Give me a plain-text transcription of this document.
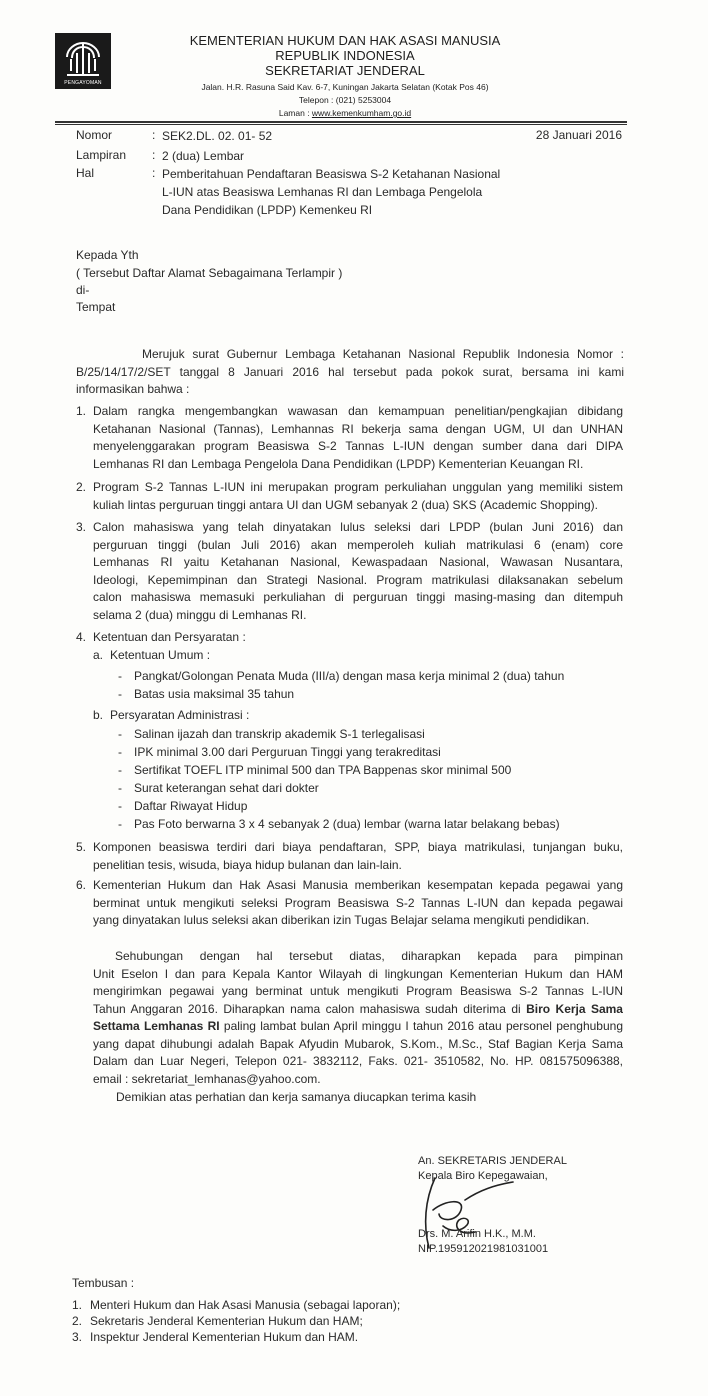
PENGAYOMAN
KEMENTERIAN HUKUM DAN HAK ASASI MANUSIA
REPUBLIK INDONESIA
SEKRETARIAT JENDERAL
Jalan. H.R. Rasuna Said Kav. 6-7, Kuningan Jakarta Selatan (Kotak Pos 46)
Telepon : (021) 5253004
Laman : www.kemenkumham.go.id
Nomor	: SEK2.DL. 02. 01- 52	28 Januari 2016
Lampiran : 2 (dua) Lembar
Hal	: Pemberitahuan Pendaftaran Beasiswa S-2 Ketahanan Nasional
L-IUN atas Beasiswa Lemhanas RI dan Lembaga Pengelola
Dana Pendidikan (LPDP) Kemenkeu RI
Kepada Yth
( Tersebut Daftar Alamat Sebagaimana Terlampir )
di-
Tempat
Merujuk surat Gubernur Lembaga Ketahanan Nasional Republik Indonesia Nomor :
B/25/14/17/2/SET tanggal 8 Januari 2016 hal tersebut pada pokok surat, bersama ini kami
informasikan bahwa :
1. Dalam rangka mengembangkan wawasan dan kemampuan penelitian/pengkajian dibidang
Ketahanan Nasional (Tannas), Lemhannas RI bekerja sama dengan UGM, UI dan UNHAN
menyelenggarakan program Beasiswa S-2 Tannas L-IUN dengan sumber dana dari DIPA
Lemhanas RI dan Lembaga Pengelola Dana Pendidikan (LPDP) Kementerian Keuangan RI.
2. Program S-2 Tannas L-IUN ini merupakan program perkuliahan unggulan yang memiliki sistem
kuliah lintas perguruan tinggi antara UI dan UGM sebanyak 2 (dua) SKS (Academic Shopping).
3. Calon mahasiswa yang telah dinyatakan lulus seleksi dari LPDP (bulan Juni 2016) dan
perguruan tinggi (bulan Juli 2016) akan memperoleh kuliah matrikulasi 6 (enam) core
Lemhanas RI yaitu Ketahanan Nasional, Kewaspadaan Nasional, Wawasan Nusantara,
Ideologi, Kepemimpinan dan Strategi Nasional. Program matrikulasi dilaksanakan sebelum
calon mahasiswa memasuki perkuliahan di perguruan tinggi masing-masing dan ditempuh
selama 2 (dua) minggu di Lemhanas RI.
4. Ketentuan dan Persyaratan :
a. Ketentuan Umum :
- Pangkat/Golongan Penata Muda (III/a) dengan masa kerja minimal 2 (dua) tahun
- Batas usia maksimal 35 tahun
b. Persyaratan Administrasi :
- Salinan ijazah dan transkrip akademik S-1 terlegalisasi
- IPK minimal 3.00 dari Perguruan Tinggi yang terakreditasi
- Sertifikat TOEFL ITP minimal 500 dan TPA Bappenas skor minimal 500
- Surat keterangan sehat dari dokter
- Daftar Riwayat Hidup
- Pas Foto berwarna 3 x 4 sebanyak 2 (dua) lembar (warna latar belakang bebas)
5. Komponen beasiswa terdiri dari biaya pendaftaran, SPP, biaya matrikulasi, tunjangan buku,
penelitian tesis, wisuda, biaya hidup bulanan dan lain-lain.
6. Kementerian Hukum dan Hak Asasi Manusia memberikan kesempatan kepada pegawai yang
berminat untuk mengikuti seleksi Program Beasiswa S-2 Tannas L-IUN dan kepada pegawai
yang dinyatakan lulus seleksi akan diberikan izin Tugas Belajar selama mengikuti pendidikan.
Sehubungan dengan hal tersebut diatas, diharapkan kepada para pimpinan
Unit Eselon I dan para Kepala Kantor Wilayah di lingkungan Kementerian Hukum dan HAM
mengirimkan pegawai yang berminat untuk mengikuti Program Beasiswa S-2 Tannas L-IUN
Tahun Anggaran 2016. Diharapkan nama calon mahasiswa sudah diterima di Biro Kerja Sama
Settama Lemhanas RI paling lambat bulan April minggu I tahun 2016 atau personel penghubung
yang dapat dihubungi adalah Bapak Afyudin Mubarok, S.Kom., M.Sc., Staf Bagian Kerja Sama
Dalam dan Luar Negeri, Telepon 021- 3832112, Faks. 021- 3510582, No. HP. 081575096388,
email : sekretariat_lemhanas@yahoo.com.
Demikian atas perhatian dan kerja samanya diucapkan terima kasih
An. SEKRETARIS JENDERAL
Kepala Biro Kepegawaian,
Drs. M. Arifin H.K., M.M.
NIP.195912021981031001
Tembusan :
1. Menteri Hukum dan Hak Asasi Manusia (sebagai laporan);
2. Sekretaris Jenderal Kementerian Hukum dan HAM;
3. Inspektur Jenderal Kementerian Hukum dan HAM.
